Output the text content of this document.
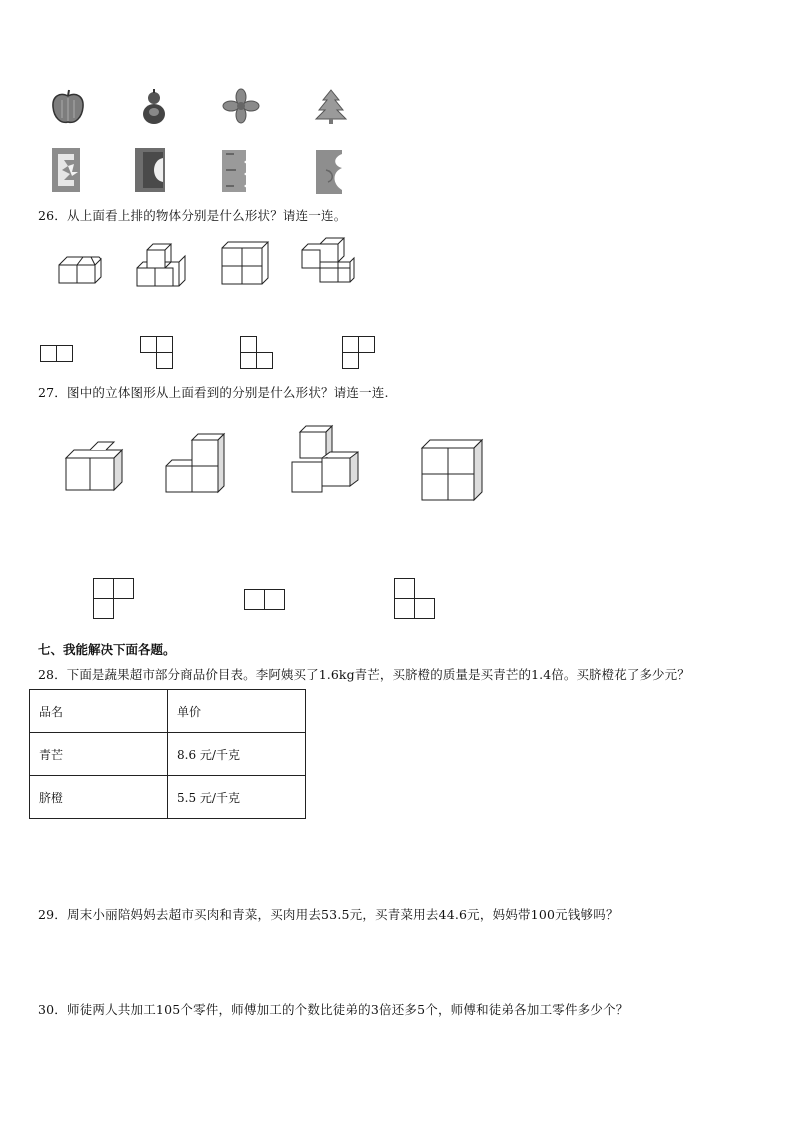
26．从上面看上排的物体分别是什么形状？请连一连。
27．图中的立体图形从上面看到的分别是什么形状？请连一连.
七、我能解决下面各题。
28．下面是蔬果超市部分商品价目表。李阿姨买了1.6kg青芒，买脐橙的质量是买青芒的1.4倍。买脐橙花了多少元？
品名	单价
青芒	8.6 元/千克
脐橙	5.5 元/千克
29．周末小丽陪妈妈去超市买肉和青菜，买肉用去53.5元，买青菜用去44.6元，妈妈带100元钱够吗？
30．师徒两人共加工105个零件，师傅加工的个数比徒弟的3倍还多5个，师傅和徒弟各加工零件多少个？
